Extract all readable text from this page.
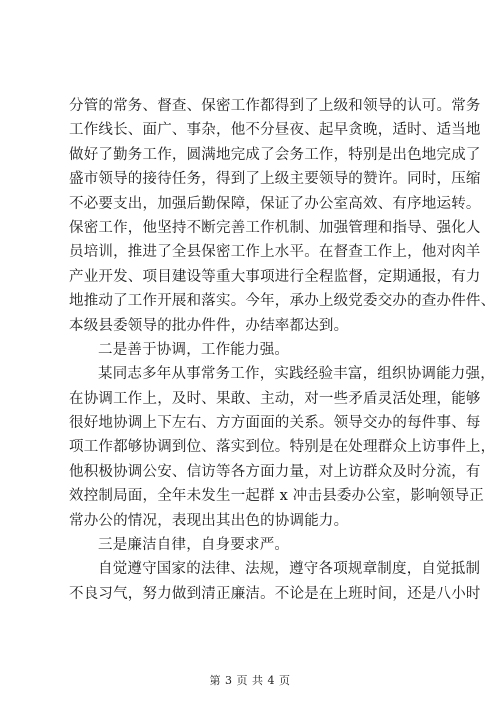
分管的常务、督查、保密工作都得到了上级和领导的认可。常务
工作线长、面广、事杂，他不分昼夜、起早贪晚，适时、适当地
做好了勤务工作，圆满地完成了会务工作，特别是出色地完成了
盛市领导的接待任务，得到了上级主要领导的赞许。同时，压缩
不必要支出，加强后勤保障，保证了办公室高效、有序地运转。
保密工作，他坚持不断完善工作机制、加强管理和指导、强化人
员培训，推进了全县保密工作上水平。在督查工作上，他对肉羊
产业开发、项目建设等重大事项进行全程监督，定期通报，有力
地推动了工作开展和落实。今年，承办上级党委交办的查办件件、
本级县委领导的批办件件，办结率都达到。
二是善于协调，工作能力强。
某同志多年从事常务工作，实践经验丰富，组织协调能力强，
在协调工作上，及时、果敢、主动，对一些矛盾灵活处理，能够
很好地协调上下左右、方方面面的关系。领导交办的每件事、每
项工作都够协调到位、落实到位。特别是在处理群众上访事件上，
他积极协调公安、信访等各方面力量，对上访群众及时分流，有
效控制局面，全年未发生一起群 x 冲击县委办公室，影响领导正
常办公的情况，表现出其出色的协调能力。
三是廉洁自律，自身要求严。
自觉遵守国家的法律、法规，遵守各项规章制度，自觉抵制
不良习气，努力做到清正廉洁。不论是在上班时间，还是八小时
第 3 页 共 4 页
